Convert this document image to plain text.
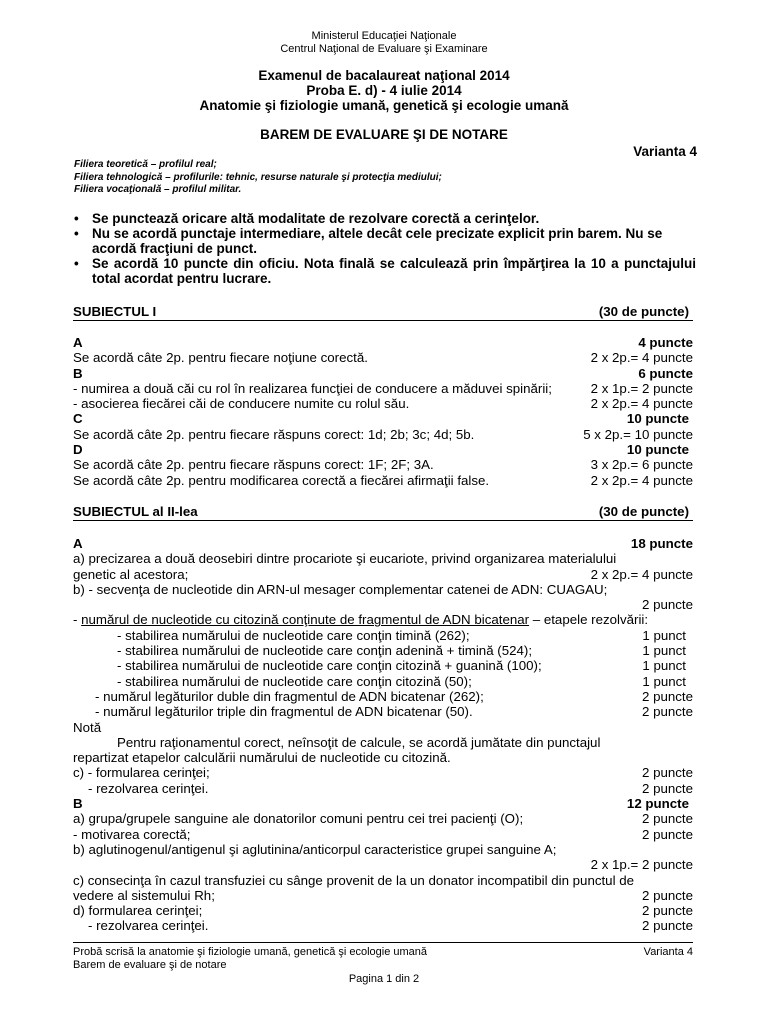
Ministerul Educaţiei Naţionale
Centrul Naţional de Evaluare şi Examinare
Examenul de bacalaureat naţional 2014
Proba E. d) - 4 iulie 2014
Anatomie şi fiziologie umană, genetică şi ecologie umană
BAREM DE EVALUARE ŞI DE NOTARE
Varianta 4
Filiera teoretică – profilul real;
Filiera tehnologică – profilurile: tehnic, resurse naturale şi protecţia mediului;
Filiera vocaţională – profilul militar.
• Se punctează oricare altă modalitate de rezolvare corectă a cerinţelor.
• Nu se acordă punctaje intermediare, altele decât cele precizate explicit prin barem. Nu se acordă fracţiuni de punct.
• Se acordă 10 puncte din oficiu. Nota finală se calculează prin împărţirea la 10 a punctajului total acordat pentru lucrare.
SUBIECTUL I	(30 de puncte)
A	4 puncte
Se acordă câte 2p. pentru fiecare noţiune corectă.	2 x 2p.= 4 puncte
B	6 puncte
- numirea a două căi cu rol în realizarea funcţiei de conducere a măduvei spinării;	2 x 1p.= 2 puncte
- asocierea fiecărei căi de conducere numite cu rolul său.	2 x 2p.= 4 puncte
C	10 puncte
Se acordă câte 2p. pentru fiecare răspuns corect: 1d; 2b; 3c; 4d; 5b.	5 x 2p.= 10 puncte
D	10 puncte
Se acordă câte 2p. pentru fiecare răspuns corect: 1F; 2F; 3A.	3 x 2p.= 6 puncte
Se acordă câte 2p. pentru modificarea corectă a fiecărei afirmaţii false.	2 x 2p.= 4 puncte
SUBIECTUL al II-lea	(30 de puncte)
A	18 puncte
a) precizarea a două deosebiri dintre procariote şi eucariote, privind organizarea materialului
genetic al acestora;	2 x 2p.= 4 puncte
b) - secvenţa de nucleotide din ARN-ul mesager complementar catenei de ADN: CUAGAU;
2 puncte
- numărul de nucleotide cu citozină conţinute de fragmentul de ADN bicatenar – etapele rezolvării:
- stabilirea numărului de nucleotide care conţin timină (262);	1 punct
- stabilirea numărului de nucleotide care conţin adenină + timină (524);	1 punct
- stabilirea numărului de nucleotide care conţin citozină + guanină (100);	1 punct
- stabilirea numărului de nucleotide care conţin citozină (50);	1 punct
- numărul legăturilor duble din fragmentul de ADN bicatenar (262);	2 puncte
- numărul legăturilor triple din fragmentul de ADN bicatenar (50).	2 puncte
Notă
Pentru raţionamentul corect, neînsoţit de calcule, se acordă jumătate din punctajul
repartizat etapelor calculării numărului de nucleotide cu citozină.
c) - formularea cerinţei;	2 puncte
- rezolvarea cerinţei.	2 puncte
B	12 puncte
a) grupa/grupele sanguine ale donatorilor comuni pentru cei trei pacienţi (O);	2 puncte
- motivarea corectă;	2 puncte
b) aglutinogenul/antigenul şi aglutinina/anticorpul caracteristice grupei sanguine A;
2 x 1p.= 2 puncte
c) consecinţa în cazul transfuziei cu sânge provenit de la un donator incompatibil din punctul de
vedere al sistemului Rh;	2 puncte
d) formularea cerinţei;	2 puncte
- rezolvarea cerinţei.	2 puncte
Probă scrisă la anatomie şi fiziologie umană, genetică şi ecologie umană	Varianta 4
Barem de evaluare şi de notare
Pagina 1 din 2
